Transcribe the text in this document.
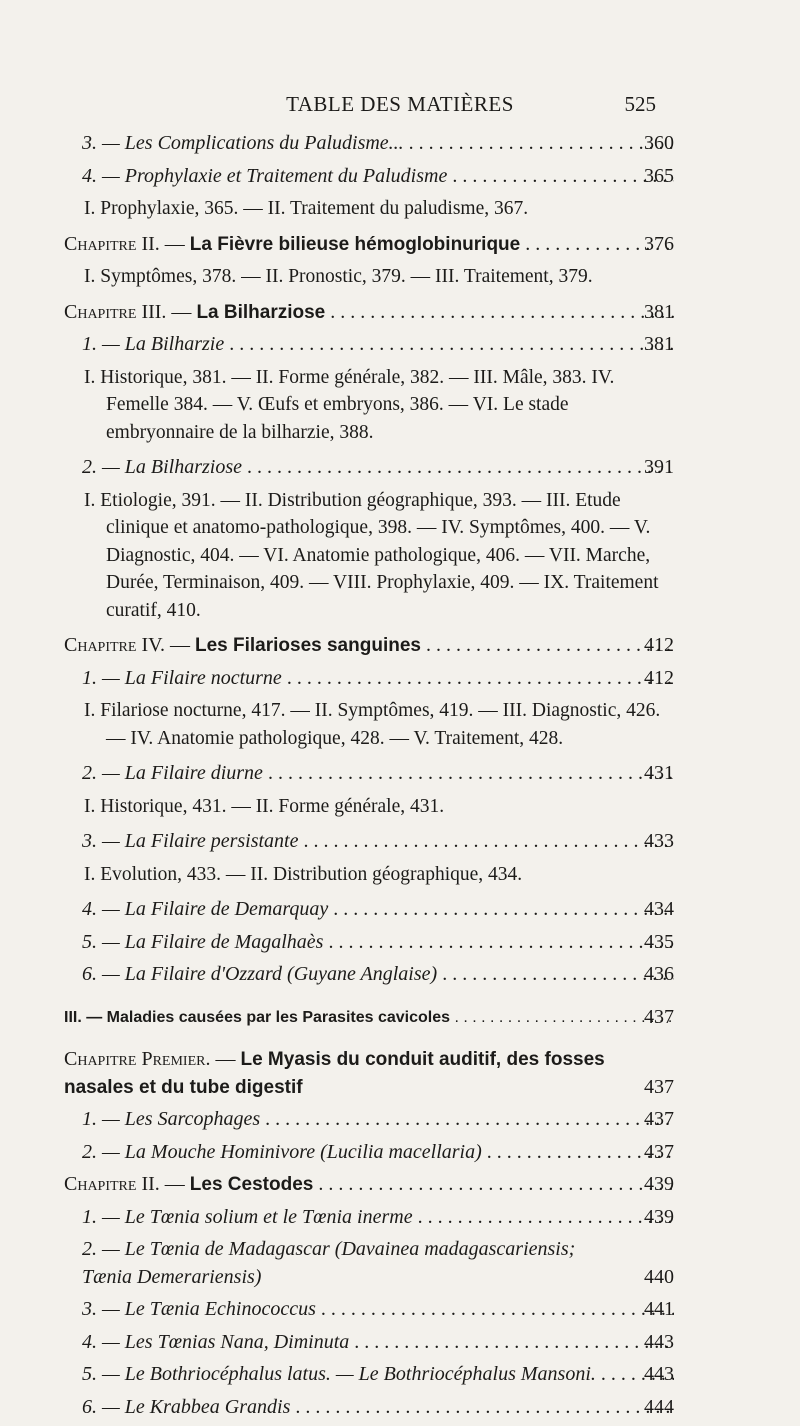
TABLE DES MATIÈRES	525
3. — Les Complications du Paludisme... . . .	360
4. — Prophylaxie et Traitement du Paludisme . . .	365
I. Prophylaxie, 365. — II. Traitement du paludisme, 367.
Chapitre II. — La Fièvre bilieuse hémoglobinurique . . .	376
I. Symptômes, 378. — II. Pronostic, 379. — III. Traitement, 379.
Chapitre III. — La Bilharziose . . .	381
1. — La Bilharzie . . .	381
I. Historique, 381. — II. Forme générale, 382. — III. Mâle, 383. IV. Femelle 384. — V. Œufs et embryons, 386. — VI. Le stade embryonnaire de la bilharzie, 388.
2. — La Bilharziose . . .	391
I. Etiologie, 391. — II. Distribution géographique, 393. — III. Etude clinique et anatomo-pathologique, 398. — IV. Symptômes, 400. — V. Diagnostic, 404. — VI. Anatomie pathologique, 406. — VII. Marche, Durée, Terminaison, 409. — VIII. Prophylaxie, 409. — IX. Traitement curatif, 410.
Chapitre IV. — Les Filarioses sanguines . . .	412
1. — La Filaire nocturne . . .	412
I. Filariose nocturne, 417. — II. Symptômes, 419. — III. Diagnostic, 426. — IV. Anatomie pathologique, 428. — V. Traitement, 428.
2. — La Filaire diurne . . .	431
I. Historique, 431. — II. Forme générale, 431.
3. — La Filaire persistante . . .	433
I. Evolution, 433. — II. Distribution géographique, 434.
4. — La Filaire de Demarquay . . .	434
5. — La Filaire de Magalhaès . . .	435
6. — La Filaire d'Ozzard (Guyane Anglaise) . . .	436
III. — Maladies causées par les Parasites cavicoles . . .	437
Chapitre Premier. — Le Myasis du conduit auditif, des fosses nasales et du tube digestif	437
1. — Les Sarcophages . . .	437
2. — La Mouche Hominivore (Lucilia macellaria) . . .	437
Chapitre II. — Les Cestodes . . .	439
1. — Le Tœnia solium et le Tœnia inerme . . .	439
2. — Le Tœnia de Madagascar (Davainea madagascariensis; Tænia Demerariensis)	440
3. — Le Tænia Echinococcus . . .	441
4. — Les Tœnias Nana, Diminuta . . .	443
5. — Le Bothriocéphalus latus. — Le Bothriocéphalus Mansoni. . . .	443
6. — Le Krabbea Grandis . . .	444
